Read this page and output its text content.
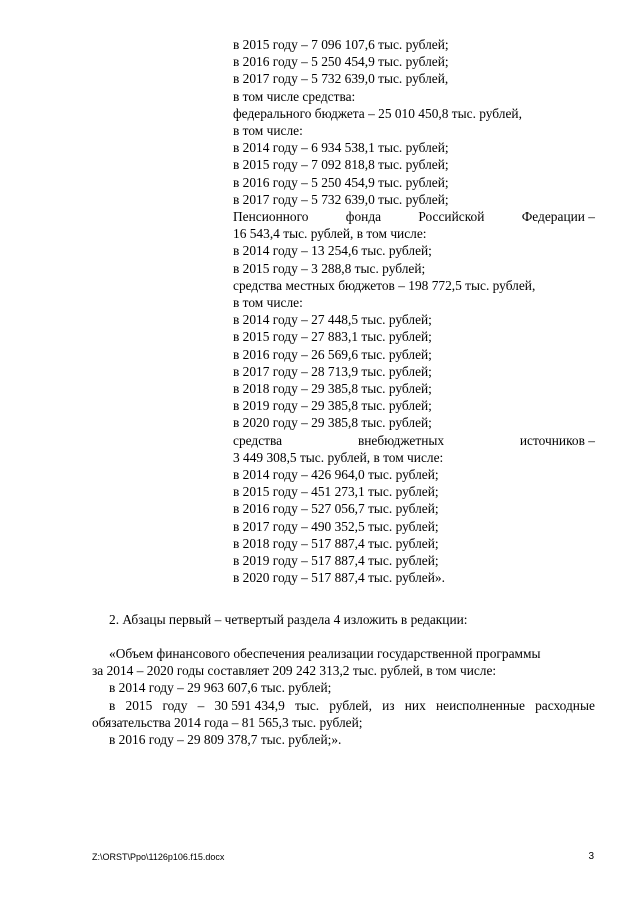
в 2015 году – 7 096 107,6 тыс. рублей;
в 2016 году – 5 250 454,9 тыс. рублей;
в 2017 году – 5 732 639,0 тыс. рублей,
в том числе средства:
федерального бюджета – 25 010 450,8 тыс. рублей,
в том числе:
в 2014 году – 6 934 538,1 тыс. рублей;
в 2015 году – 7 092 818,8 тыс. рублей;
в 2016 году – 5 250 454,9 тыс. рублей;
в 2017 году – 5 732 639,0 тыс. рублей;
Пенсионного	фонда	Российской	Федерации –
16 543,4 тыс. рублей, в том числе:
в 2014 году – 13 254,6 тыс. рублей;
в 2015 году – 3 288,8 тыс. рублей;
средства местных бюджетов – 198 772,5 тыс. рублей,
в том числе:
в 2014 году – 27 448,5 тыс. рублей;
в 2015 году – 27 883,1 тыс. рублей;
в 2016 году – 26 569,6 тыс. рублей;
в 2017 году – 28 713,9 тыс. рублей;
в 2018 году – 29 385,8 тыс. рублей;
в 2019 году – 29 385,8 тыс. рублей;
в 2020 году – 29 385,8 тыс. рублей;
средства	внебюджетных	источников –
3 449 308,5 тыс. рублей, в том числе:
в 2014 году – 426 964,0 тыс. рублей;
в 2015 году – 451 273,1 тыс. рублей;
в 2016 году – 527 056,7 тыс. рублей;
в 2017 году – 490 352,5 тыс. рублей;
в 2018 году – 517 887,4 тыс. рублей;
в 2019 году – 517 887,4 тыс. рублей;
в 2020 году – 517 887,4 тыс. рублей».
2. Абзацы первый – четвертый раздела 4 изложить в редакции:
«Объем финансового обеспечения реализации государственной программы
за 2014 – 2020 годы составляет 209 242 313,2 тыс. рублей, в том числе:
в 2014 году – 29 963 607,6 тыс. рублей;
в 2015 году – 30 591 434,9 тыс. рублей, из них неисполненные расходные
обязательства 2014 года – 81 565,3 тыс. рублей;
в 2016 году – 29 809 378,7 тыс. рублей;».
Z:\ORST\Ppo\1126p106.f15.docx	3
